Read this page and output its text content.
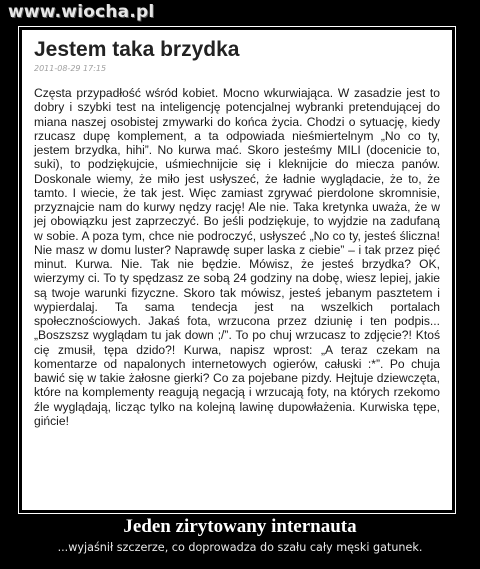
www.wiocha.pl
Jestem taka brzydka
2011-08-29 17:15
Częsta przypadłość wśród kobiet. Mocno wkurwiająca. W zasadzie jest to dobry i szybki test na inteligencję potencjalnej wybranki pretendującej do miana naszej osobistej zmywarki do końca życia. Chodzi o sytuację, kiedy rzucasz dupę komplement, a ta odpowiada nieśmiertelnym „No co ty, jestem brzydka, hihi”. No kurwa mać. Skoro jesteśmy MILI (docenicie to, suki), to podziękujcie, uśmiechnijcie się i kleknijcie do miecza panów. Doskonale wiemy, że miło jest usłyszeć, że ładnie wyglądacie, że to, że tamto. I wiecie, że tak jest. Więc zamiast zgrywać pierdolone skromnisie, przyznajcie nam do kurwy nędzy rację! Ale nie. Taka kretynka uważa, że w jej obowiązku jest zaprzeczyć. Bo jeśli podziękuje, to wyjdzie na zadufaną w sobie. A poza tym, chce nie podroczyć, usłyszeć „No co ty, jesteś śliczna! Nie masz w domu luster? Naprawdę super laska z ciebie” – i tak przez pięć minut. Kurwa. Nie. Tak nie będzie. Mówisz, że jesteś brzydka? OK, wierzymy ci. To ty spędzasz ze sobą 24 godziny na dobę, wiesz lepiej, jakie są twoje warunki fizyczne. Skoro tak mówisz, jesteś jebanym pasztetem i wypierdalaj. Ta sama tendecja jest na wszelkich portalach społecznościowych. Jakaś fota, wrzucona przez dziunię i ten podpis... „Boszszsz wyglądam tu jak down ;/”. To po chuj wrzucasz to zdjęcie?! Ktoś cię zmusił, tępa dzido?! Kurwa, napisz wprost: „A teraz czekam na komentarze od napalonych internetowych ogierów, całuski :*”. Po chuja bawić się w takie żałosne gierki? Co za pojebane pizdy. Hejtuje dziewczęta, które na komplementy reagują negacją i wrzucają foty, na których rzekomo źle wyglądają, licząc tylko na kolejną lawinę dupowłażenia. Kurwiska tępe, gińcie!
Jeden zirytowany internauta
...wyjaśnił szczerze, co doprowadza do szału cały męski gatunek.
